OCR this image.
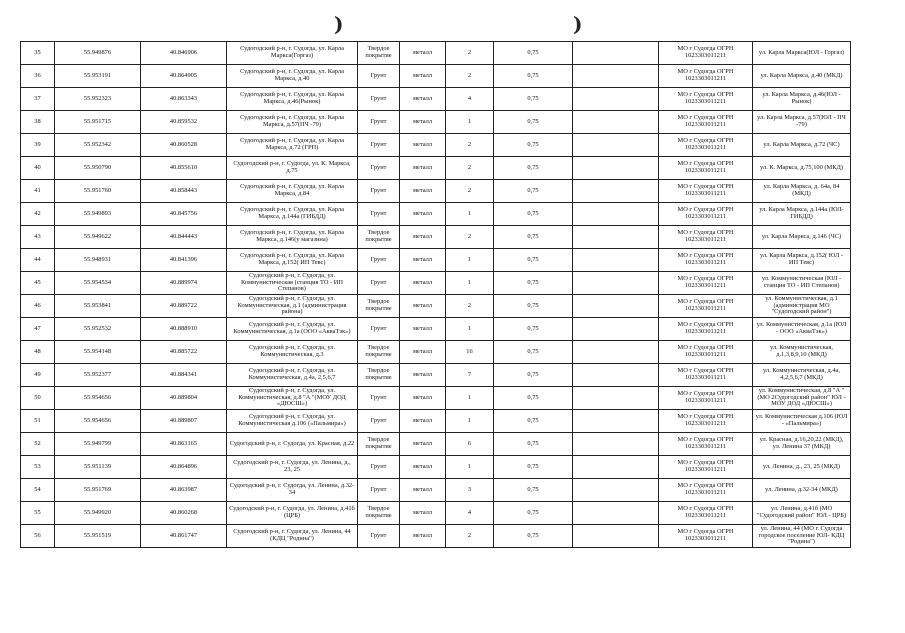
)	)
35	55.949876	40.846906	Судогодский р-н, г. Судогда, ул. Карла Маркса(Горгаз)	Твердое покрытие	металл	2	0,75		МО г Судогда ОГРН 1023303011211	ул. Карла Маркса(ЮЛ - Горгаз)
36	55.953191	40.864905	Судогодский р-н, г. Судогда, ул. Карла Маркса, д.40	Грунт	металл	2	0,75		МО г Судогда ОГРН 1023303011211	ул. Карла Маркса, д.40 (МКД)
37	55.952323	40.863343	Судогодский р-н, г. Судогда, ул. Карла Маркса, д.46(Рынок)	Грунт	металл	4	0,75		МО г Судогда ОГРН 1023303011211	ул. Карла Маркса, д.46(ЮЛ - Рынок)
38	55.951715	40.859532	Судогодский р-н, г. Судогда, ул. Карла Маркса, д.57(ПЧ -79)	Грунт	металл	1	0,75		МО г Судогда ОГРН 1023303011211	ул. Карла Маркса, д.57(ЮЛ - ПЧ -79)
39	55.952342	40.860528	Судогодский р-н, г. Судогда, ул. Карла Маркса, д.72 (ГРП)	Грунт	металл	2	0,75		МО г Судогда ОГРН 1023303011211	ул. Карла Маркса, д.72 (ЧС)
40	55.950790	40.855610	Судогодский р-н, г. Судогда, ул. К. Маркса, д.75	Грунт	металл	2	0,75		МО г Судогда ОГРН 1023303011211	ул. К. Маркса, д.75,100 (МКД)
41	55.951760	40.858443	Судогодский р-н, г. Судогда, ул. Карла Маркса, д.84	Грунт	металл	2	0,75		МО г Судогда ОГРН 1023303011211	ул. Карла Маркса, д. 64а, 84 (МКД)
42	55.949893	40.845756	Судогодский р-н, г. Судогда, ул. Карла Маркса, д.144а (ГИБДД)	Грунт	металл	1	0,75		МО г Судогда ОГРН 1023303011211	ул. Карла Маркса, д.144а (ЮЛ- ГИБДД)
43	55.949622	40.844443	Судогодский р-н, г. Судогда, ул. Карла Маркса, д.146(у магазина)	Твердое покрытие	металл	2	0,75		МО г Судогда ОГРН 1023303011211	ул. Карла Маркса, д.146 (ЧС)
44	55.948931	40.841396	Судогодский р-н, г. Судогда, ул. Карла Маркса, д.152( ИП Тевс)	Грунт	металл	1	0,75		МО г Судогда ОГРН 1023303011211	ул. Карла Маркса, д.152( ЮЛ - ИП Тевс)
45	55.954534	40.889974	Судогодский р-н, г. Судогда, ул. Коммунистическая (станция ТО - ИП Степанов)	Грунт	металл	1	0,75		МО г Судогда ОГРН 1023303011211	ул. Коммунистическая (ЮЛ - станция ТО - ИП Степанов)
46	55.953841	40.889722	Судогодский р-н, г. Судогда, ул. Коммунистическая, д.1 (администрация района)	Твердое покрытие	металл	2	0,75		МО г Судогда ОГРН 1023303011211	ул. Коммунистическая, д.1 (администрация МО "Судогодский район")
47	55.952532	40.888910	Судогодский р-н, г. Судогда, ул. Коммунистическая, д.1а (ООО «АкваТэк»)	Грунт	металл	1	0,75		МО г Судогда ОГРН 1023303011211	ул. Коммунистическая, д.1а (ЮЛ - ООО «АкваТэк»)
48	55.954148	40.885722	Судогодский р-н, г. Судогда, ул. Коммунистическая, д.3	Твердое покрытие	металл	16	0,75		МО г Судогда ОГРН 1023303011211	ул. Коммунистическая, д.1,3,8,9,10 (МКД)
49	55.952377	40.884341	Судогодский р-н, г. Судогда, ул. Коммунистическая, д.4а, 2,5,6,7	Твердое покрытие	металл	7	0,75		МО г Судогда ОГРН 1023303011211	ул. Коммунистическая, д.4а, 4,2,5,6,7 (МКД)
50	55.954656	40.889804	Судогодский р-н, г. Судогда, ул. Коммунистическая, д.8 "А "(МОУ ДОД «ДЮСШ»)	Грунт	металл	1	0,75		МО г Судогда ОГРН 1023303011211	ул. Коммунистическая, д.8 "А "(МО 2Судогодский район" ЮЛ - МОУ ДОД «ДЮСШ»)
51	55.954656	40.889807	Судогодский р-н, г. Судогда, ул. Коммунистическая д.106 («Пальмира»)	Грунт	металл	1	0,75		МО г Судогда ОГРН 1023303011211	ул. Коммунистическая д.106 (ЮЛ - «Пальмира»)
52	55.949799	40.863165	Судогодский р-н, г. Судогда, ул. Красная, д.22	Твердое покрытие	металл	6	0,75		МО г Судогда ОГРН 1023303011211	ул. Красная, д.16,20,22 (МКД), ул. Ленина 37 (МКД)
53	55.951139	40.864896	Судогодский р-н, г. Судогда, ул. Ленина, д., 23, 25	Грунт	металл	1	0,75		МО г Судогда ОГРН 1023303011211	ул. Ленина, д., 23, 25 (МКД)
54	55.951769	40.863987	Судогодский р-н, г. Судогда, ул. Ленина, д.32-34	Грунт	металл	3	0,75		МО г Судогда ОГРН 1023303011211	ул. Ленина, д.32-34 (МКД)
55	55.949920	40.860268	Судогодский р-н, г. Судогда, ул. Ленина, д.41б (ЦРБ)	Твердое покрытие	металл	4	0,75		МО г Судогда ОГРН 1023303011211	ул. Ленина, д.41б (МО "Судогодский район" ЮЛ - ЦРБ)
56	55.951519	40.861747	Судогодский р-н, г. Судогда, ул. Ленина, 44 (КДЦ "Родина")	Грунт	металл	2	0,75		МО г Судогда ОГРН 1023303011211	ул. Ленина, 44 (МО г. Судогда городское поселение ЮЛ- КДЦ "Родина")
